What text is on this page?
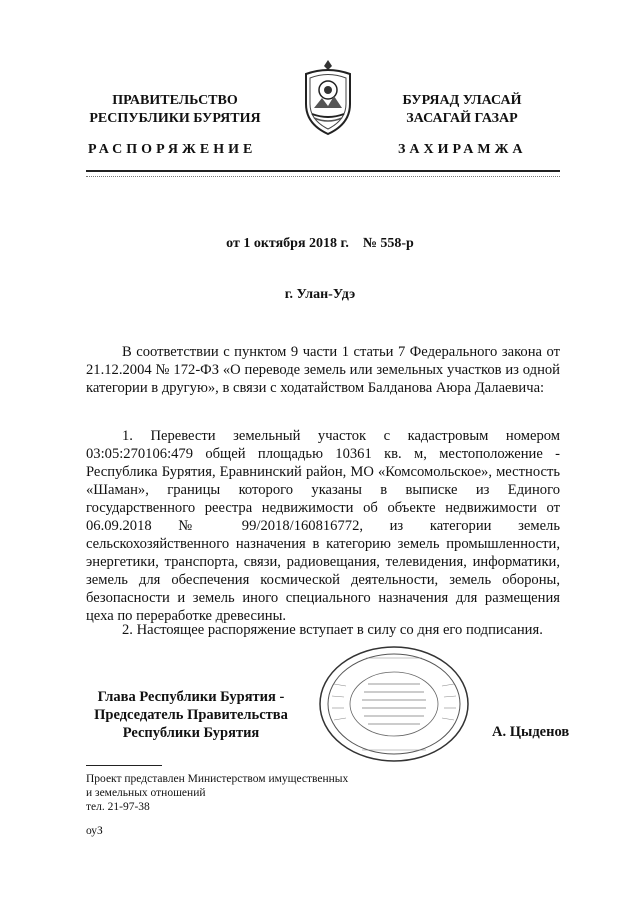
ПРАВИТЕЛЬСТВО
РЕСПУБЛИКИ БУРЯТИЯ
РАСПОРЯЖЕНИЕ
БУРЯАД УЛАСАЙ
ЗАСАГАЙ ГАЗАР
ЗАХИРАМЖА
от 1 октября 2018 г.    № 558-р
г. Улан-Удэ

В соответствии с пунктом 9 части 1 статьи 7 Федерального закона от 21.12.2004 № 172-ФЗ «О переводе земель или земельных участков из одной категории в другую», в связи с ходатайством Балданова Аюра Далаевича:

1. Перевести земельный участок с кадастровым номером 03:05:270106:479 общей площадью 10361 кв. м, местоположение - Республика Бурятия, Еравнинский район, МО «Комсомольское», местность «Шаман», границы которого указаны в выписке из Единого государственного реестра недвижимости об объекте недвижимости от 06.09.2018 № 99/2018/160816772, из категории земель сельскохозяйственного назначения в категорию земель промышленности, энергетики, транспорта, связи, радиовещания, телевидения, информатики, земель для обеспечения космической деятельности, земель обороны, безопасности и земель иного специального назначения для размещения цеха по переработке древесины.

2. Настоящее распоряжение вступает в силу со дня его подписания.

Глава Республики Бурятия -
Председатель Правительства
Республики Бурятия	А. Цыденов
Проект представлен Министерством имущественных
и земельных отношений
тел. 21-97-38
оуЗ
